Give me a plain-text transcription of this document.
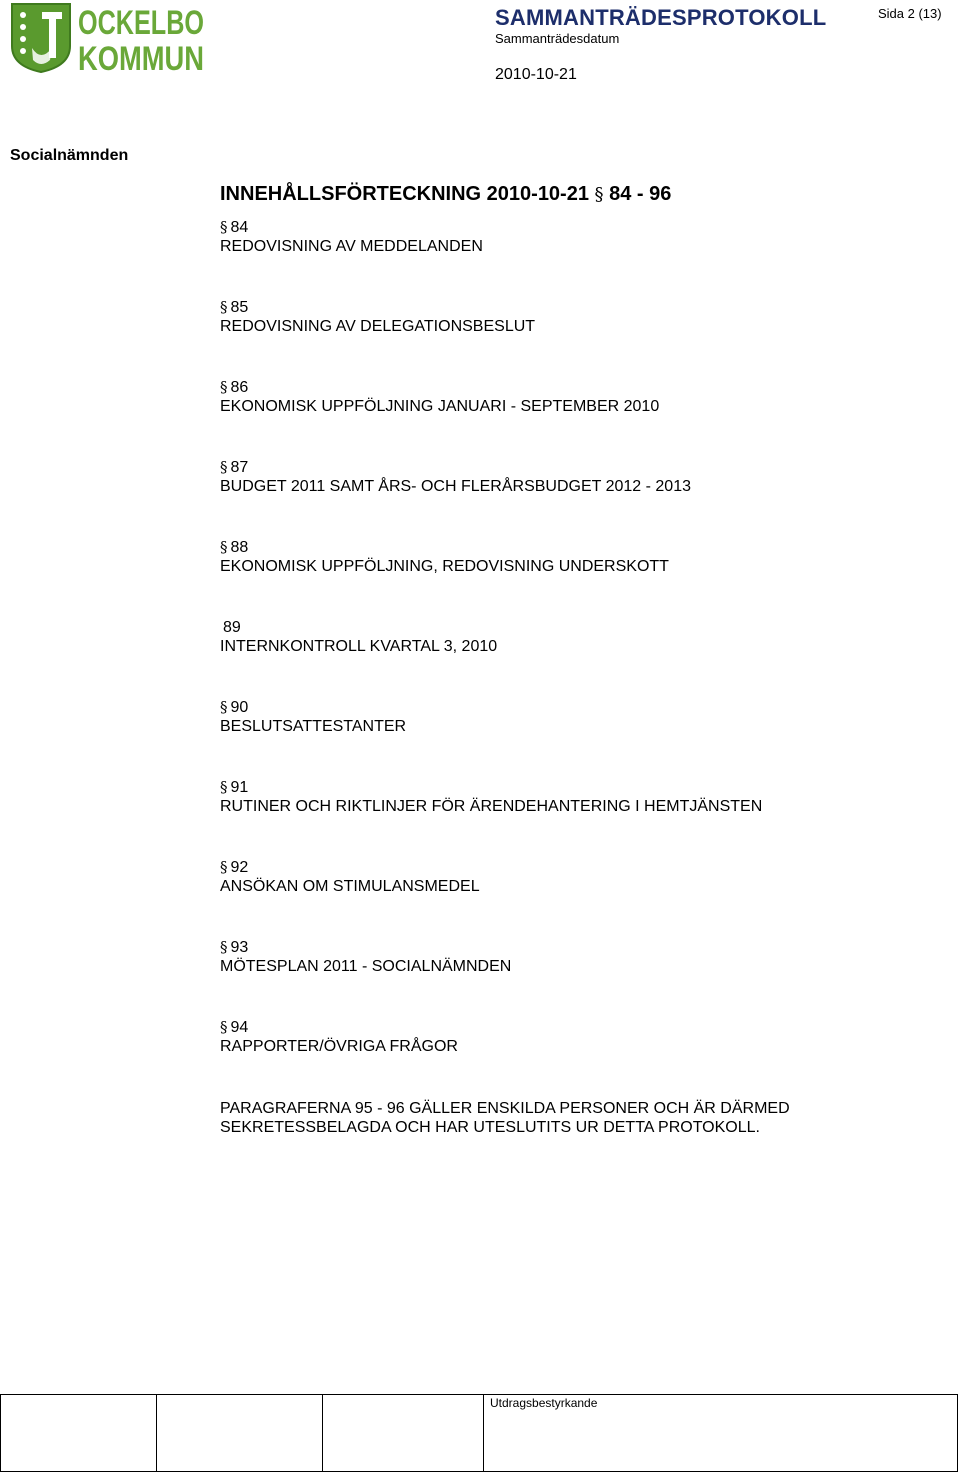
OCKELBO
KOMMUN
SAMMANTRÄDESPROTOKOLL
Sammanträdesdatum
Sida 2 (13)
2010-10-21
Socialnämnden
INNEHÅLLSFÖRTECKNING 2010-10-21 § 84 - 96
§ 84
REDOVISNING AV MEDDELANDEN
§ 85
REDOVISNING AV DELEGATIONSBESLUT
§ 86
EKONOMISK UPPFÖLJNING JANUARI - SEPTEMBER 2010
§ 87
BUDGET 2011 SAMT ÅRS- OCH FLERÅRSBUDGET 2012 - 2013
§ 88
EKONOMISK UPPFÖLJNING, REDOVISNING UNDERSKOTT
89
INTERNKONTROLL KVARTAL 3, 2010
§ 90
BESLUTSATTESTANTER
§ 91
RUTINER OCH RIKTLINJER FÖR ÄRENDEHANTERING I HEMTJÄNSTEN
§ 92
ANSÖKAN OM STIMULANSMEDEL
§ 93
MÖTESPLAN 2011 - SOCIALNÄMNDEN
§ 94
RAPPORTER/ÖVRIGA FRÅGOR
PARAGRAFERNA 95 - 96 GÄLLER ENSKILDA PERSONER OCH ÄR DÄRMED
SEKRETESSBELAGDA OCH HAR UTESLUTITS UR DETTA PROTOKOLL.
Utdragsbestyrkande
